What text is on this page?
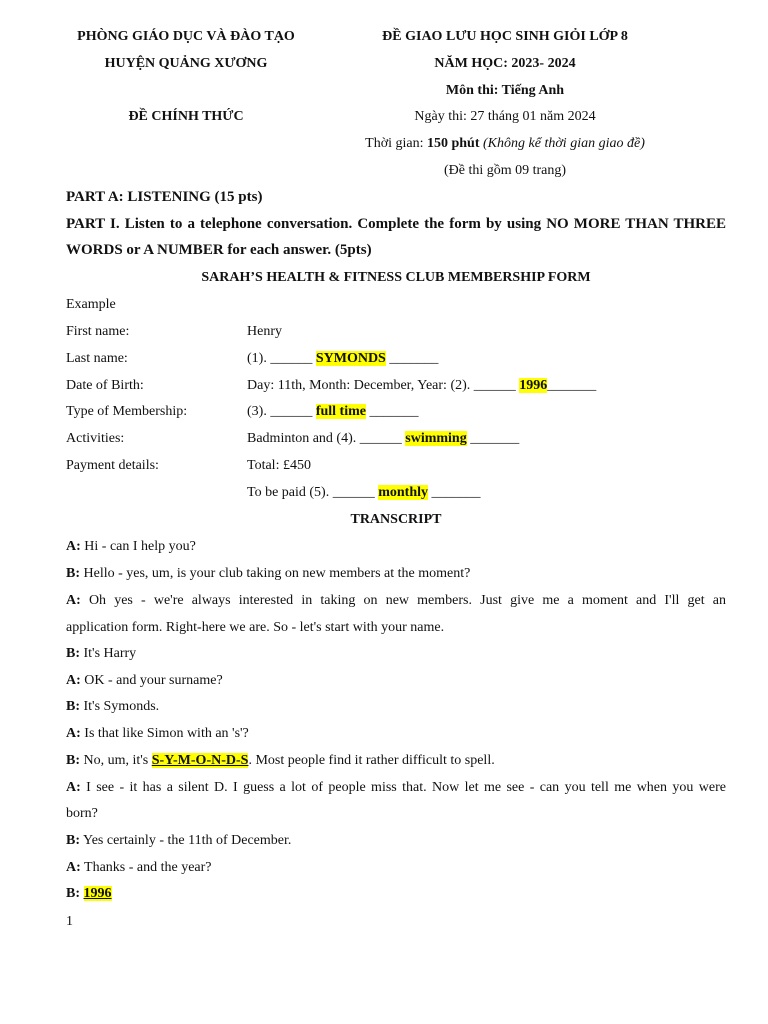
PHÒNG GIÁO DỤC VÀ ĐÀO TẠO
HUYỆN QUẢNG XƯƠNG
ĐỀ CHÍNH THỨC
ĐỀ GIAO LƯU HỌC SINH GIỎI LỚP 8
NĂM HỌC: 2023- 2024
Môn thi: Tiếng Anh
Ngày thi: 27 tháng 01 năm 2024
Thời gian: 150 phút (Không kể thời gian giao đề)
(Đề thi gồm 09 trang)
PART A: LISTENING (15 pts)
PART I. Listen to a telephone conversation. Complete the form by using NO MORE THAN THREE
WORDS or A NUMBER for each answer. (5pts)
SARAH’S HEALTH & FITNESS CLUB MEMBERSHIP FORM
Example
First name:	Henry
Last name:	(1). ______ SYMONDS _______
Date of Birth:	Day: 11th, Month: December, Year: (2). ______ 1996_______
Type of Membership:	(3). ______ full time _______
Activities:	Badminton and (4). ______ swimming _______
Payment details:	Total: £450
To be paid (5). ______ monthly _______
TRANSCRIPT
A: Hi - can I help you?
B: Hello - yes, um, is your club taking on new members at the moment?
A: Oh yes - we're always interested in taking on new members. Just give me a moment and I'll get an
application form. Right-here we are. So - let's start with your name.
B: It's Harry
A: OK - and your surname?
B: It's Symonds.
A: Is that like Simon with an 's'?
B: No, um, it's S-Y-M-O-N-D-S. Most people find it rather difficult to spell.
A: I see - it has a silent D. I guess a lot of people miss that. Now let me see - can you tell me when you were
born?
B: Yes certainly - the 11th of December.
A: Thanks - and the year?
B: 1996
1
